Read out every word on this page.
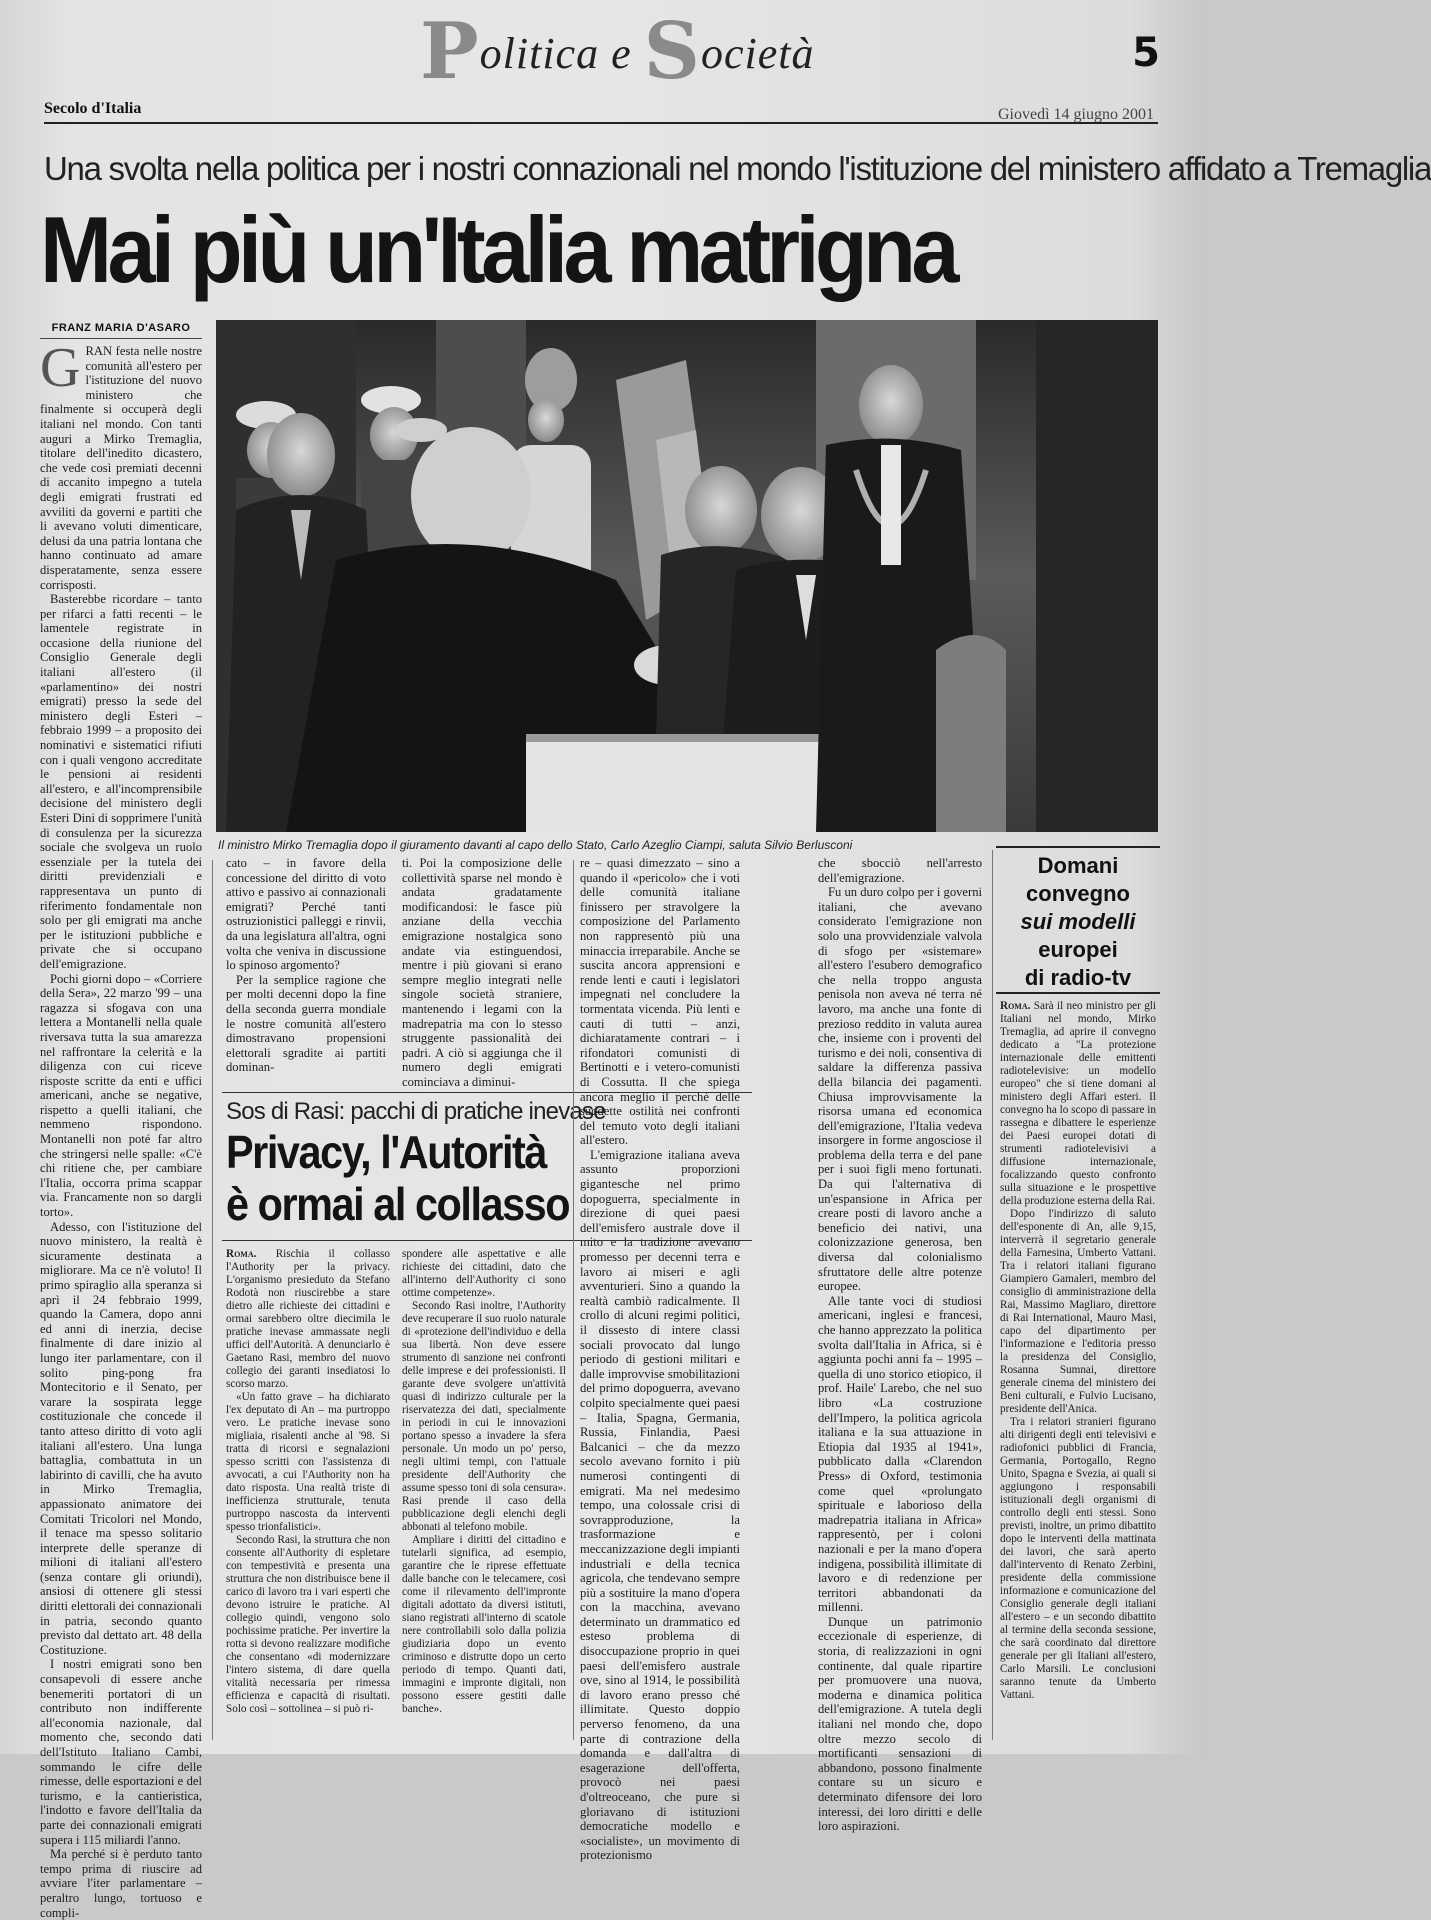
Politica e Società	5
Secolo d'Italia	Giovedì 14 giugno 2001
Una svolta nella politica per i nostri connazionali nel mondo l'istituzione del ministero affidato a Tremaglia
Mai più un'Italia matrigna
FRANZ MARIA D'ASARO
G RAN festa nelle nostre comunità all'estero per l'istituzione del nuovo ministero che finalmente si occuperà degli italiani nel mondo. Con tanti auguri a Mirko Tremaglia, titolare dell'inedito dicastero, che vede così premiati decenni di accanito impegno a tutela degli emigrati frustrati ed avviliti da governi e partiti che li avevano voluti dimenticare, delusi da una patria lontana che hanno continuato ad amare disperatamente, senza essere corrisposti.

Basterebbe ricordare – tanto per rifarci a fatti recenti – le lamentele registrate in occasione della riunione del Consiglio Generale degli italiani all'estero (il «parlamentino» dei nostri emigrati) presso la sede del ministero degli Esteri – febbraio 1999 – a proposito dei nominativi e sistematici rifiuti con i quali vengono accreditate le pensioni ai residenti all'estero, e all'incomprensibile decisione del ministero degli Esteri Dini di sopprimere l'unità di consulenza per la sicurezza sociale che svolgeva un ruolo essenziale per la tutela dei diritti previdenziali e rappresentava un punto di riferimento fondamentale non solo per gli emigrati ma anche per le istituzioni pubbliche e private che si occupano dell'emigrazione.

Pochi giorni dopo – «Corriere della Sera», 22 marzo '99 – una ragazza si sfogava con una lettera a Montanelli nella quale riversava tutta la sua amarezza nel raffrontare la celerità e la diligenza con cui riceve risposte scritte da enti e uffici americani, anche se negative, rispetto a quelli italiani, che nemmeno rispondono. Montanelli non poté far altro che stringersi nelle spalle: «C'è chi ritiene che, per cambiare l'Italia, occorra prima scappar via. Francamente non so dargli torto».

Adesso, con l'istituzione del nuovo ministero, la realtà è sicuramente destinata a migliorare. Ma ce n'è voluto! Il primo spiraglio alla speranza si aprì il 24 febbraio 1999, quando la Camera, dopo anni ed anni di inerzia, decise finalmente di dare inizio al lungo iter parlamentare, con il solito ping-pong fra Montecitorio e il Senato, per varare la sospirata legge costituzionale che concede il tanto atteso diritto di voto agli italiani all'estero. Una lunga battaglia, combattuta in un labirinto di cavilli, che ha avuto in Mirko Tremaglia, appassionato animatore dei Comitati Tricolori nel Mondo, il tenace ma spesso solitario interprete delle speranze di milioni di italiani all'estero (senza contare gli oriundi), ansiosi di ottenere gli stessi diritti elettorali dei connazionali in patria, secondo quanto previsto dal dettato art. 48 della Costituzione.

I nostri emigrati sono ben consapevoli di essere anche benemeriti portatori di un contributo non indifferente all'economia nazionale, dal momento che, secondo dati dell'Istituto Italiano Cambi, sommando le cifre delle rimesse, delle esportazioni e del turismo, e la cantieristica, l'indotto e favore dell'Italia da parte dei connazionali emigrati supera i 115 miliardi l'anno.

Ma perché si è perduto tanto tempo prima di riuscire ad avviare l'iter parlamentare – peraltro lungo, tortuoso e compli-

Il ministro Mirko Tremaglia dopo il giuramento davanti al capo dello Stato, Carlo Azeglio Ciampi, saluta Silvio Berlusconi

cato – in favore della concessione del diritto di voto attivo e passivo ai connazionali emigrati? Perché tanti ostruzionistici palleggi e rinvii, da una legislatura all'altra, ogni volta che veniva in discussione lo spinoso argomento?

Per la semplice ragione che per molti decenni dopo la fine della seconda guerra mondiale le nostre comunità all'estero dimostravano propensioni elettorali sgradite ai partiti dominan-

ti. Poi la composizione delle collettività sparse nel mondo è andata gradatamente modificandosi: le fasce più anziane della vecchia emigrazione nostalgica sono andate via estinguendosi, mentre i più giovani si erano sempre meglio integrati nelle singole società straniere, mantenendo i legami con la madrepatria ma con lo stesso struggente passionalità dei padri. A ciò si aggiunga che il numero degli emigrati cominciava a diminui-

re – quasi dimezzato – sino a quando il «pericolo» che i voti delle comunità italiane finissero per stravolgere la composizione del Parlamento non rappresentò più una minaccia irreparabile. Anche se suscita ancora apprensioni e rende lenti e cauti i legislatori impegnati nel concludere la tormentata vicenda. Più lenti e cauti di tutti – anzi, dichiaratamente contrari – i rifondatori comunisti di Bertinotti e i vetero-comunisti di Cossutta. Il che spiega ancora meglio il perché delle suddette ostilità nei confronti del temuto voto degli italiani all'estero.

L'emigrazione italiana aveva assunto proporzioni gigantesche nel primo dopoguerra, specialmente in direzione di quei paesi dell'emisfero australe dove il mito e la tradizione avevano promesso per decenni terra e lavoro ai miseri e agli avventurieri. Sino a quando la realtà cambiò radicalmente. Il crollo di alcuni regimi politici, il dissesto di intere classi sociali provocato dal lungo periodo di gestioni militari e dalle improvvise smobilitazioni del primo dopoguerra, avevano colpito specialmente quei paesi – Italia, Spagna, Germania, Russia, Finlandia, Paesi Balcanici – che da mezzo secolo avevano fornito i più numerosi contingenti di emigrati. Ma nel medesimo tempo, una colossale crisi di sovrapproduzione, la trasformazione e meccanizzazione degli impianti industriali e della tecnica agricola, che tendevano sempre più a sostituire la mano d'opera con la macchina, avevano determinato un drammatico ed esteso problema di disoccupazione proprio in quei paesi dell'emisfero australe ove, sino al 1914, le possibilità di lavoro erano presso ché illimitate. Questo doppio perverso fenomeno, da una parte di contrazione della domanda e dall'altra di esagerazione dell'offerta, provocò nei paesi d'oltreoceano, che pure si gloriavano di istituzioni democratiche modello e «socialiste», un movimento di protezionismo

che sbocciò nell'arresto dell'emigrazione.

Fu un duro colpo per i governi italiani, che avevano considerato l'emigrazione non solo una provvidenziale valvola di sfogo per «sistemare» all'estero l'esubero demografico che nella troppo angusta penisola non aveva né terra né lavoro, ma anche una fonte di prezioso reddito in valuta aurea che, insieme con i proventi del turismo e dei noli, consentiva di saldare la differenza passiva della bilancia dei pagamenti. Chiusa improvvisamente la risorsa umana ed economica dell'emigrazione, l'Italia vedeva insorgere in forme angosciose il problema della terra e del pane per i suoi figli meno fortunati. Da qui l'alternativa di un'espansione in Africa per creare posti di lavoro anche a beneficio dei nativi, una colonizzazione generosa, ben diversa dal colonialismo sfruttatore delle altre potenze europee.

Alle tante voci di studiosi americani, inglesi e francesi, che hanno apprezzato la politica svolta dall'Italia in Africa, si è aggiunta pochi anni fa – 1995 – quella di uno storico etiopico, il prof. Haile' Larebo, che nel suo libro «La costruzione dell'Impero, la politica agricola italiana e la sua attuazione in Etiopia dal 1935 al 1941», pubblicato dalla «Clarendon Press» di Oxford, testimonia come quel «prolungato spirituale e laborioso della madrepatria italiana in Africa» rappresentò, per i coloni nazionali e per la mano d'opera indigena, possibilità illimitate di lavoro e di redenzione per territori abbandonati da millenni.

Dunque un patrimonio eccezionale di esperienze, di storia, di realizzazioni in ogni continente, dal quale ripartire per promuovere una nuova, moderna e dinamica politica dell'emigrazione. A tutela degli italiani nel mondo che, dopo oltre mezzo secolo di mortificanti sensazioni di abbandono, possono finalmente contare su un sicuro e determinato difensore dei loro interessi, dei loro diritti e delle loro aspirazioni.

Domani
convegno
sui modelli
europei
di radio-tv

Roma. Sarà il neo ministro per gli Italiani nel mondo, Mirko Tremaglia, ad aprire il convegno dedicato a "La protezione internazionale delle emittenti radiotelevisive: un modello europeo" che si tiene domani al ministero degli Affari esteri. Il convegno ha lo scopo di passare in rassegna e dibattere le esperienze dei Paesi europei dotati di strumenti radiotelevisivi a diffusione internazionale, focalizzando questo confronto sulla situazione e le prospettive della produzione esterna della Rai.

Dopo l'indirizzo di saluto dell'esponente di An, alle 9,15, interverrà il segretario generale della Farnesina, Umberto Vattani. Tra i relatori italiani figurano Giampiero Gamaleri, membro del consiglio di amministrazione della Rai, Massimo Magliaro, direttore di Rai International, Mauro Masi, capo del dipartimento per l'informazione e l'editoria presso la presidenza del Consiglio, Rosanna Sumnai, direttore generale cinema del ministero dei Beni culturali, e Fulvio Lucisano, presidente dell'Anica.

Tra i relatori stranieri figurano alti dirigenti degli enti televisivi e radiofonici pubblici di Francia, Germania, Portogallo, Regno Unito, Spagna e Svezia, ai quali si aggiungono i responsabili istituzionali degli organismi di controllo degli enti stessi. Sono previsti, inoltre, un primo dibattito dopo le interventi della mattinata dei lavori, che sarà aperto dall'intervento di Renato Zerbini, presidente della commissione informazione e comunicazione del Consiglio generale degli italiani all'estero – e un secondo dibattito al termine della seconda sessione, che sarà coordinato dal direttore generale per gli Italiani all'estero, Carlo Marsili. Le conclusioni saranno tenute da Umberto Vattani.

Sos di Rasi: pacchi di pratiche inevase
Privacy, l'Autorità
è ormai al collasso

Roma. Rischia il collasso l'Authority per la privacy. L'organismo presieduto da Stefano Rodotà non riuscirebbe a stare dietro alle richieste dei cittadini e ormai sarebbero oltre diecimila le pratiche inevase ammassate negli uffici dell'Autorità. A denunciarlo è Gaetano Rasi, membro del nuovo collegio dei garanti insediatosi lo scorso marzo.

«Un fatto grave – ha dichiarato l'ex deputato di An – ma purtroppo vero. Le pratiche inevase sono migliaia, risalenti anche al '98. Si tratta di ricorsi e segnalazioni spesso scritti con l'assistenza di avvocati, a cui l'Authority non ha dato risposta. Una realtà triste di inefficienza strutturale, tenuta purtroppo nascosta da interventi spesso trionfalistici».

Secondo Rasi, la struttura che non consente all'Authority di espletare con tempestività e presenta una struttura che non distribuisce bene il carico di lavoro tra i vari esperti che devono istruire le pratiche. Al collegio quindi, vengono solo pochissime pratiche. Per invertire la rotta si devono realizzare modifiche che consentano «di modernizzare l'intero sistema, di dare quella vitalità necessaria per rimessa efficienza e capacità di risultati. Solo così – sottolinea – si può ri-

spondere alle aspettative e alle richieste dei cittadini, dato che all'interno dell'Authority ci sono ottime competenze».

Secondo Rasi inoltre, l'Authority deve recuperare il suo ruolo naturale di «protezione dell'individuo e della sua libertà. Non deve essere strumento di sanzione nei confronti delle imprese e dei professionisti. Il garante deve svolgere un'attività quasi di indirizzo culturale per la riservatezza dei dati, specialmente in periodi in cui le innovazioni portano spesso a invadere la sfera personale. Un modo un po' perso, negli ultimi tempi, con l'attuale presidente dell'Authority che assume spesso toni di sola censura». Rasi prende il caso della pubblicazione degli elenchi degli abbonati al telefono mobile.

Ampliare i diritti del cittadino e tutelarli significa, ad esempio, garantire che le riprese effettuate dalle banche con le telecamere, così come il rilevamento dell'impronte digitali adottato da diversi istituti, siano registrati all'interno di scatole nere controllabili solo dalla polizia giudiziaria dopo un evento criminoso e distrutte dopo un certo periodo di tempo. Quanti dati, immagini e impronte digitali, non possono essere gestiti dalle banche».
